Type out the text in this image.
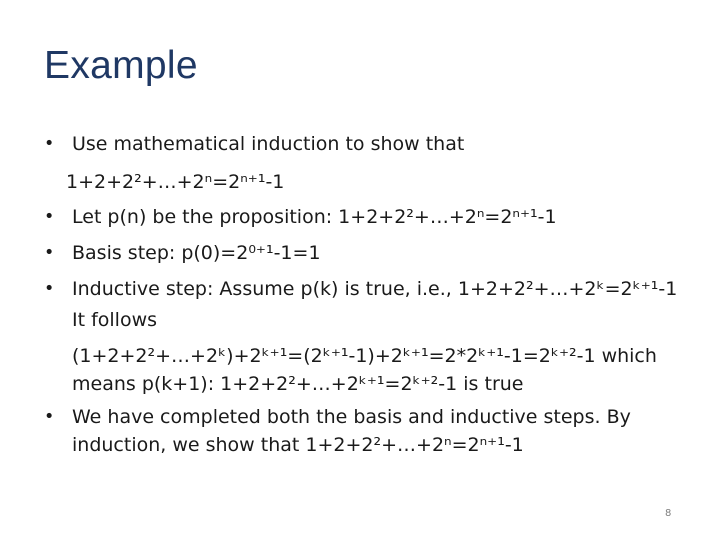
Example
• Use mathematical induction to show that
1+2+2²+…+2ⁿ=2ⁿ⁺¹-1
• Let p(n) be the proposition: 1+2+2²+…+2ⁿ=2ⁿ⁺¹-1
• Basis step: p(0)=2⁰⁺¹-1=1
• Inductive step: Assume p(k) is true, i.e., 1+2+2²+…+2ᵏ=2ᵏ⁺¹-1
It follows
(1+2+2²+…+2ᵏ)+2ᵏ⁺¹=(2ᵏ⁺¹-1)+2ᵏ⁺¹=2*2ᵏ⁺¹-1=2ᵏ⁺²-1 which
means p(k+1): 1+2+2²+…+2ᵏ⁺¹=2ᵏ⁺²-1 is true
• We have completed both the basis and inductive steps. By
induction, we show that 1+2+2²+…+2ⁿ=2ⁿ⁺¹-1
8
